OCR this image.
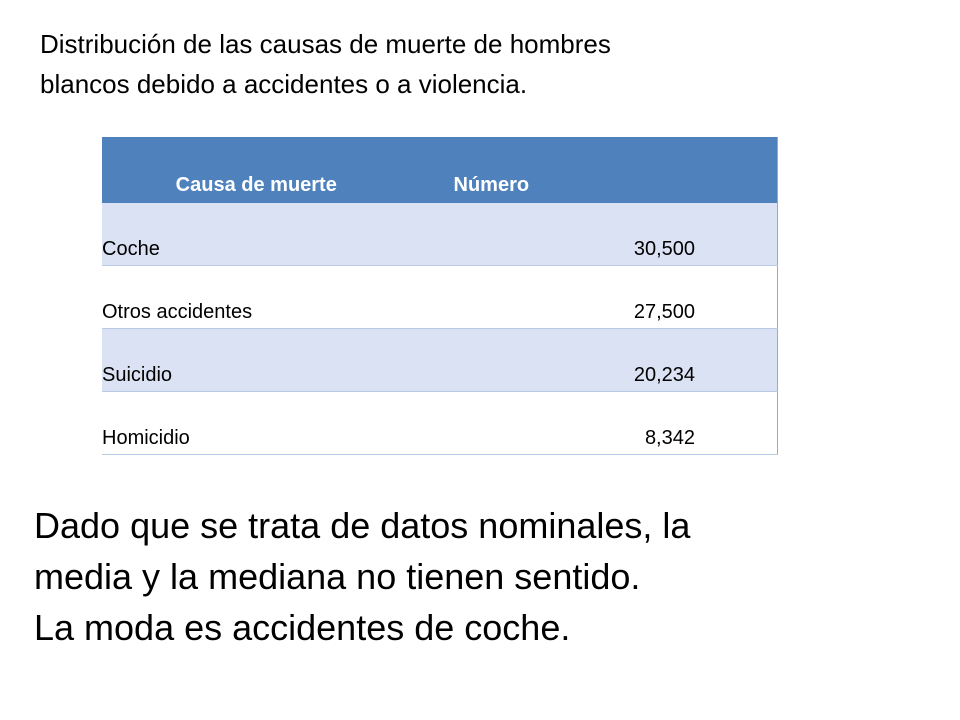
Distribución de las causas de muerte de hombres
blancos debido a accidentes o a violencia.
Causa de muerte	Número
Coche	30,500
Otros accidentes	27,500
Suicidio	20,234
Homicidio	8,342

Dado que se trata de datos nominales, la
media y la mediana no tienen sentido.
La moda es accidentes de coche.
